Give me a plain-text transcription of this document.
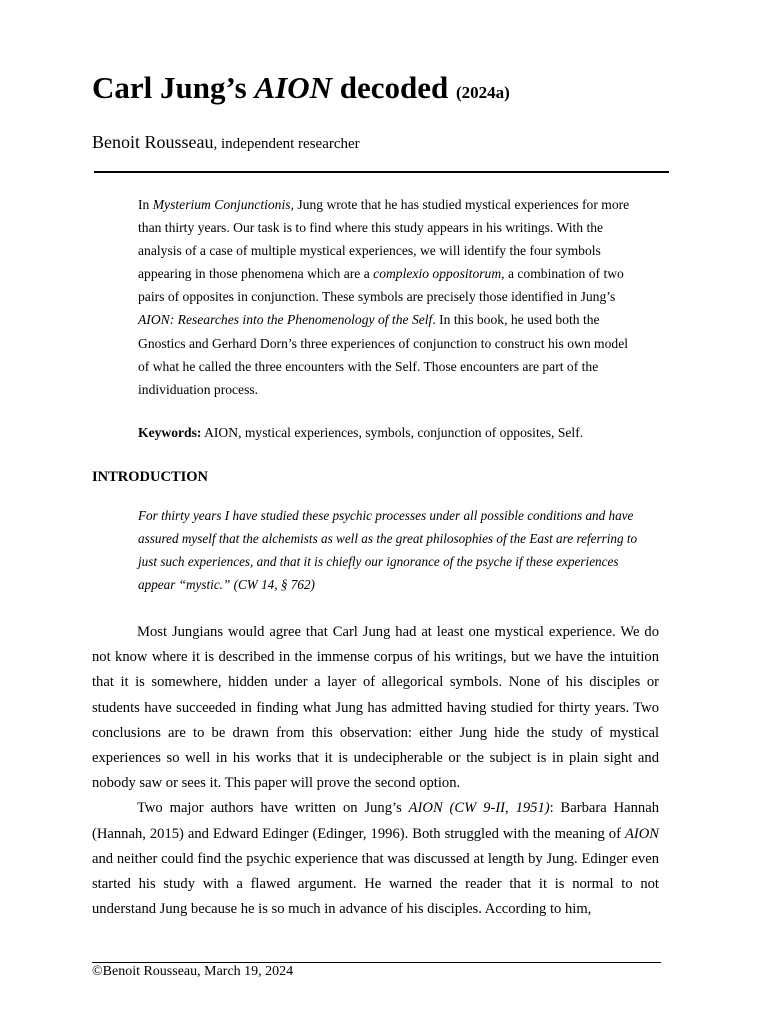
Carl Jung’s AION decoded (2024a)
Benoit Rousseau, independent researcher

In Mysterium Conjunctionis, Jung wrote that he has studied mystical experiences for more than thirty years. Our task is to find where this study appears in his writings. With the analysis of a case of multiple mystical experiences, we will identify the four symbols appearing in those phenomena which are a complexio oppositorum, a combination of two pairs of opposites in conjunction. These symbols are precisely those identified in Jung’s AION: Researches into the Phenomenology of the Self. In this book, he used both the Gnostics and Gerhard Dorn’s three experiences of conjunction to construct his own model of what he called the three encounters with the Self. Those encounters are part of the individuation process.

Keywords: AION, mystical experiences, symbols, conjunction of opposites, Self.

INTRODUCTION

For thirty years I have studied these psychic processes under all possible conditions and have assured myself that the alchemists as well as the great philosophies of the East are referring to just such experiences, and that it is chiefly our ignorance of the psyche if these experiences appear “mystic.” (CW 14, § 762)

Most Jungians would agree that Carl Jung had at least one mystical experience. We do not know where it is described in the immense corpus of his writings, but we have the intuition that it is somewhere, hidden under a layer of allegorical symbols. None of his disciples or students have succeeded in finding what Jung has admitted having studied for thirty years. Two conclusions are to be drawn from this observation: either Jung hide the study of mystical experiences so well in his works that it is undecipherable or the subject is in plain sight and nobody saw or sees it. This paper will prove the second option.

Two major authors have written on Jung’s AION (CW 9-II, 1951): Barbara Hannah (Hannah, 2015) and Edward Edinger (Edinger, 1996). Both struggled with the meaning of AION and neither could find the psychic experience that was discussed at length by Jung. Edinger even started his study with a flawed argument. He warned the reader that it is normal to not understand Jung because he is so much in advance of his disciples. According to him,

©Benoit Rousseau, March 19, 2024
